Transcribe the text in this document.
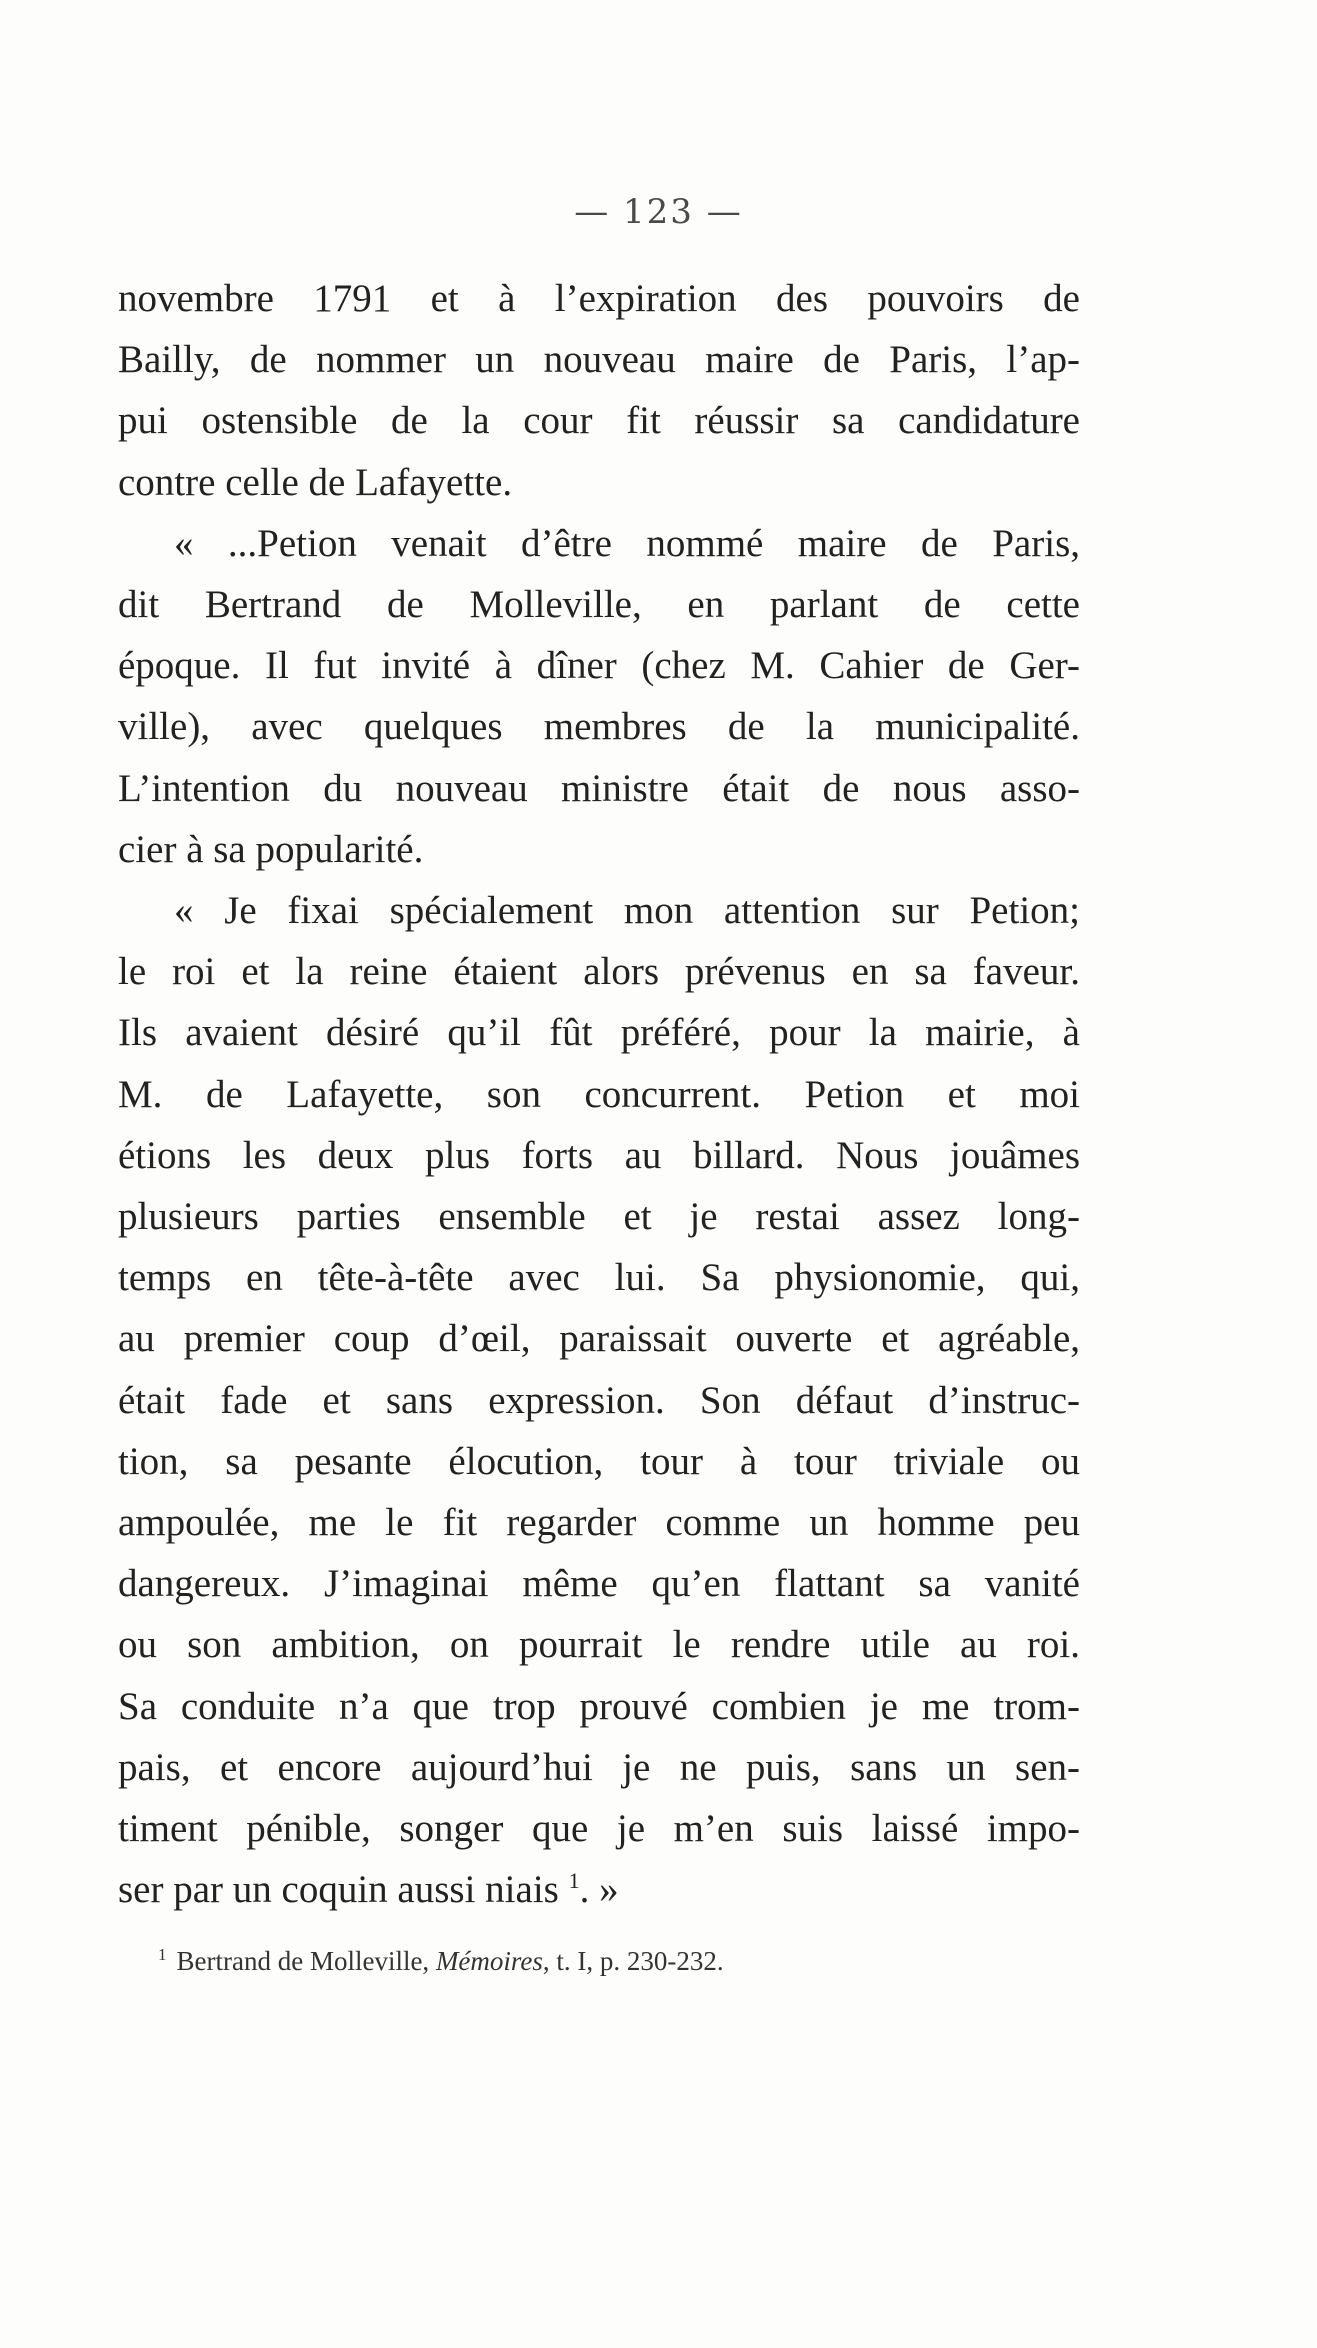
— 123 —
novembre 1791 et à l’expiration des pouvoirs de
Bailly, de nommer un nouveau maire de Paris, l’ap-
pui ostensible de la cour fit réussir sa candidature
contre celle de Lafayette.
« ...Petion venait d’être nommé maire de Paris,
dit Bertrand de Molleville, en parlant de cette
époque. Il fut invité à dîner (chez M. Cahier de Ger-
ville), avec quelques membres de la municipalité.
L’intention du nouveau ministre était de nous asso-
cier à sa popularité.
« Je fixai spécialement mon attention sur Petion;
le roi et la reine étaient alors prévenus en sa faveur.
Ils avaient désiré qu’il fût préféré, pour la mairie, à
M. de Lafayette, son concurrent. Petion et moi
étions les deux plus forts au billard. Nous jouâmes
plusieurs parties ensemble et je restai assez long-
temps en tête-à-tête avec lui. Sa physionomie, qui,
au premier coup d’œil, paraissait ouverte et agréable,
était fade et sans expression. Son défaut d’instruc-
tion, sa pesante élocution, tour à tour triviale ou
ampoulée, me le fit regarder comme un homme peu
dangereux. J’imaginai même qu’en flattant sa vanité
ou son ambition, on pourrait le rendre utile au roi.
Sa conduite n’a que trop prouvé combien je me trom-
pais, et encore aujourd’hui je ne puis, sans un sen-
timent pénible, songer que je m’en suis laissé impo-
ser par un coquin aussi niais $^1$. »
$^1$ Bertrand de Molleville, Mémoires, t. I, p. 230-232.
